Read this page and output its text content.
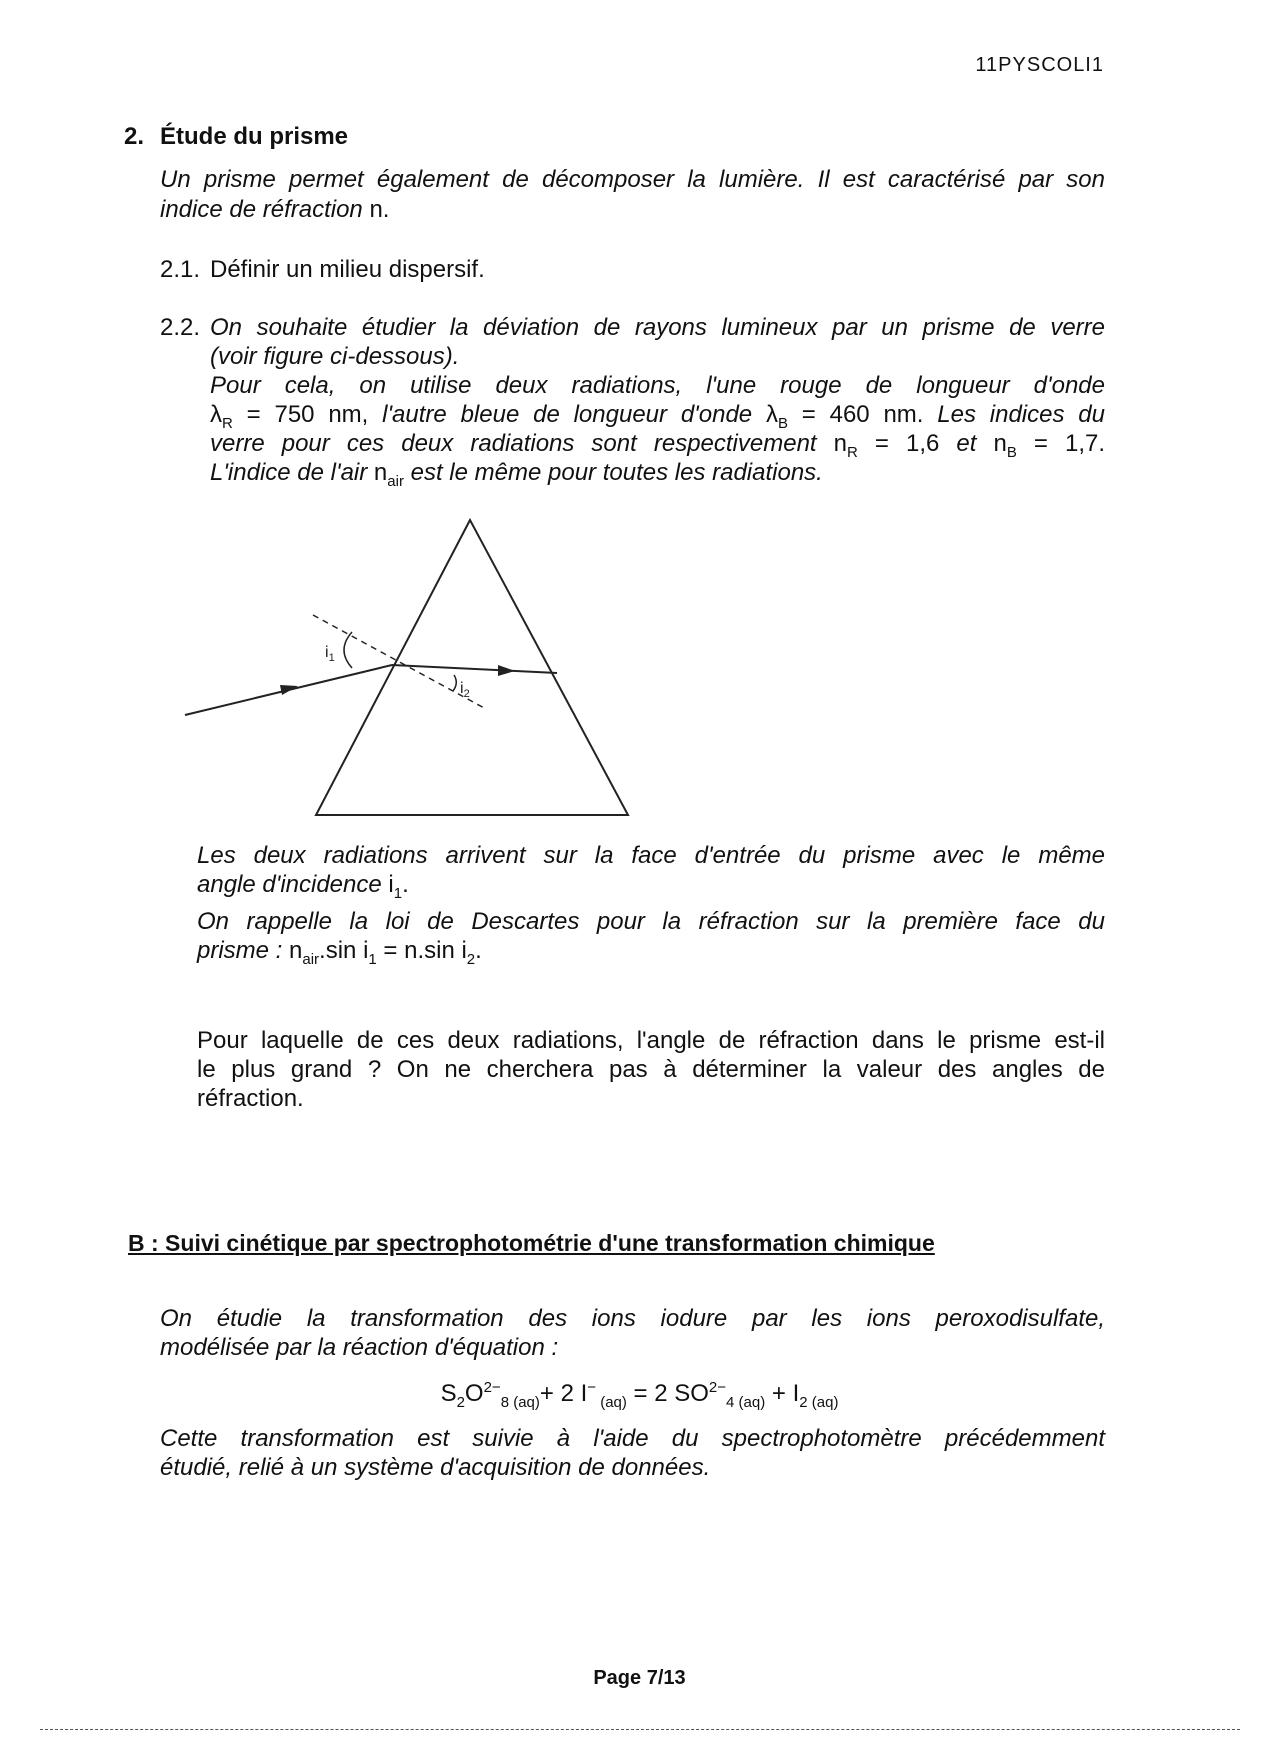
11PYSCOLI1
2. Étude du prisme
Un prisme permet également de décomposer la lumière. Il est caractérisé par son
indice de réfraction n.
2.1. Définir un milieu dispersif.
2.2. On souhaite étudier la déviation de rayons lumineux par un prisme de verre
(voir figure ci-dessous).
Pour cela, on utilise deux radiations, l'une rouge de longueur d'onde
$\lambda_R = 750$ nm, l'autre bleue de longueur d'onde $\lambda_B = 460$ nm. Les indices du
verre pour ces deux radiations sont respectivement $n_R = 1,6$ et $n_B = 1,7$.
L'indice de l'air $n_{air}$ est le même pour toutes les radiations.
$i_1$
$i_2$
Les deux radiations arrivent sur la face d'entrée du prisme avec le même
angle d'incidence $i_1$.
On rappelle la loi de Descartes pour la réfraction sur la première face du
prisme : $n_{air}.\sin$ $i_1 = n.\sin$ $i_2$.
Pour laquelle de ces deux radiations, l'angle de réfraction dans le prisme est-il
le plus grand ? On ne cherchera pas à déterminer la valeur des angles de
réfraction.
B : Suivi cinétique par spectrophotométrie d'une transformation chimique
On étudie la transformation des ions iodure par les ions peroxodisulfate,
modélisée par la réaction d'équation :
$S_2O^{2-}_8$ $_{(aq)}$+ 2 I− $_{(aq)}$ = 2 $SO^{2-}_4$ $_{(aq)} + I_{2 (aq)}$
Cette transformation est suivie à l'aide du spectrophotomètre précédemment
étudié, relié à un système d'acquisition de données.
Page 7/13
